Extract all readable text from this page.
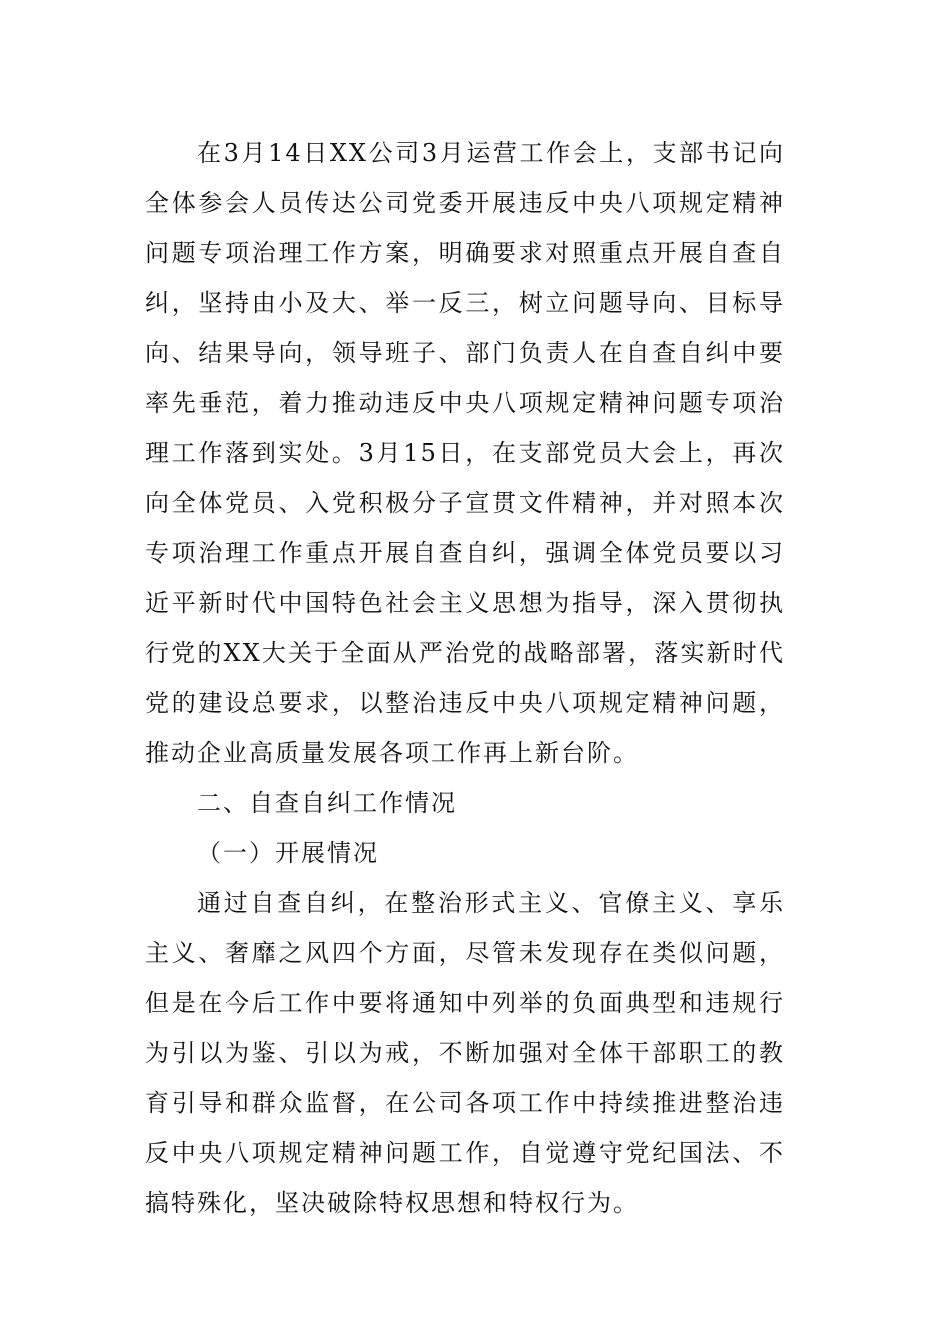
在3月14日XX公司3月运营工作会上，支部书记向全体参会人员传达公司党委开展违反中央八项规定精神问题专项治理工作方案，明确要求对照重点开展自查自纠，坚持由小及大、举一反三，树立问题导向、目标导向、结果导向，领导班子、部门负责人在自查自纠中要率先垂范，着力推动违反中央八项规定精神问题专项治理工作落到实处。3月15日，在支部党员大会上，再次向全体党员、入党积极分子宣贯文件精神，并对照本次专项治理工作重点开展自查自纠，强调全体党员要以习近平新时代中国特色社会主义思想为指导，深入贯彻执行党的XX大关于全面从严治党的战略部署，落实新时代党的建设总要求，以整治违反中央八项规定精神问题，推动企业高质量发展各项工作再上新台阶。

二、自查自纠工作情况

（一）开展情况

通过自查自纠，在整治形式主义、官僚主义、享乐主义、奢靡之风四个方面，尽管未发现存在类似问题，但是在今后工作中要将通知中列举的负面典型和违规行为引以为鉴、引以为戒，不断加强对全体干部职工的教育引导和群众监督，在公司各项工作中持续推进整治违反中央八项规定精神问题工作，自觉遵守党纪国法、不搞特殊化，坚决破除特权思想和特权行为。
